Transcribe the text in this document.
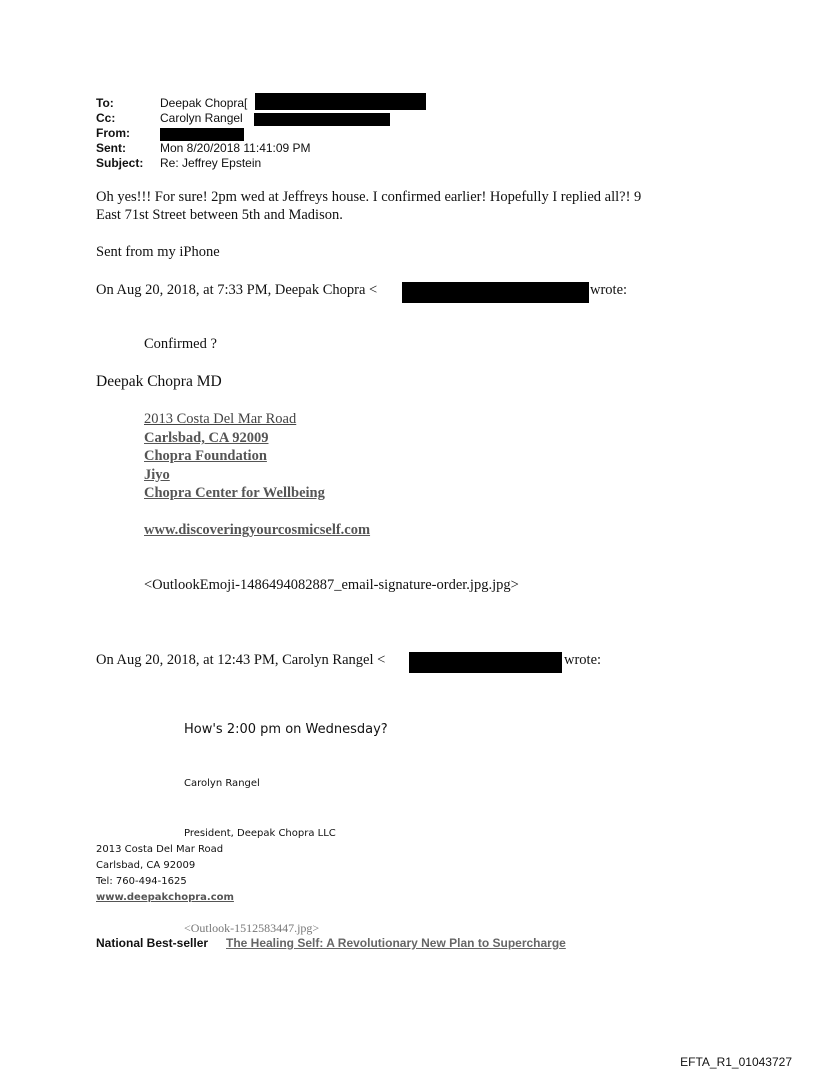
To:	Deepak Chopra[
Cc:	Carolyn Rangel
From:
Sent:	Mon 8/20/2018 11:41:09 PM
Subject: Re: Jeffrey Epstein
Oh yes!!! For sure! 2pm wed at Jeffreys house. I confirmed earlier! Hopefully I replied all?! 9
East 71st Street between 5th and Madison.
Sent from my iPhone
On Aug 20, 2018, at 7:33 PM, Deepak Chopra <	wrote:
Confirmed ?
Deepak Chopra MD
2013 Costa Del Mar Road
Carlsbad, CA 92009
Chopra Foundation
Jiyo
Chopra Center for Wellbeing
www.discoveringyourcosmicself.com
<OutlookEmoji-1486494082887_email-signature-order.jpg.jpg>
On Aug 20, 2018, at 12:43 PM, Carolyn Rangel <	wrote:
How's 2:00 pm on Wednesday?
Carolyn Rangel
President, Deepak Chopra LLC
2013 Costa Del Mar Road
Carlsbad, CA 92009
Tel: 760-494-1625
www.deepakchopra.com
<Outlook-1512583447.jpg>
National Best-seller The Healing Self: A Revolutionary New Plan to Supercharge
EFTA_R1_01043727
